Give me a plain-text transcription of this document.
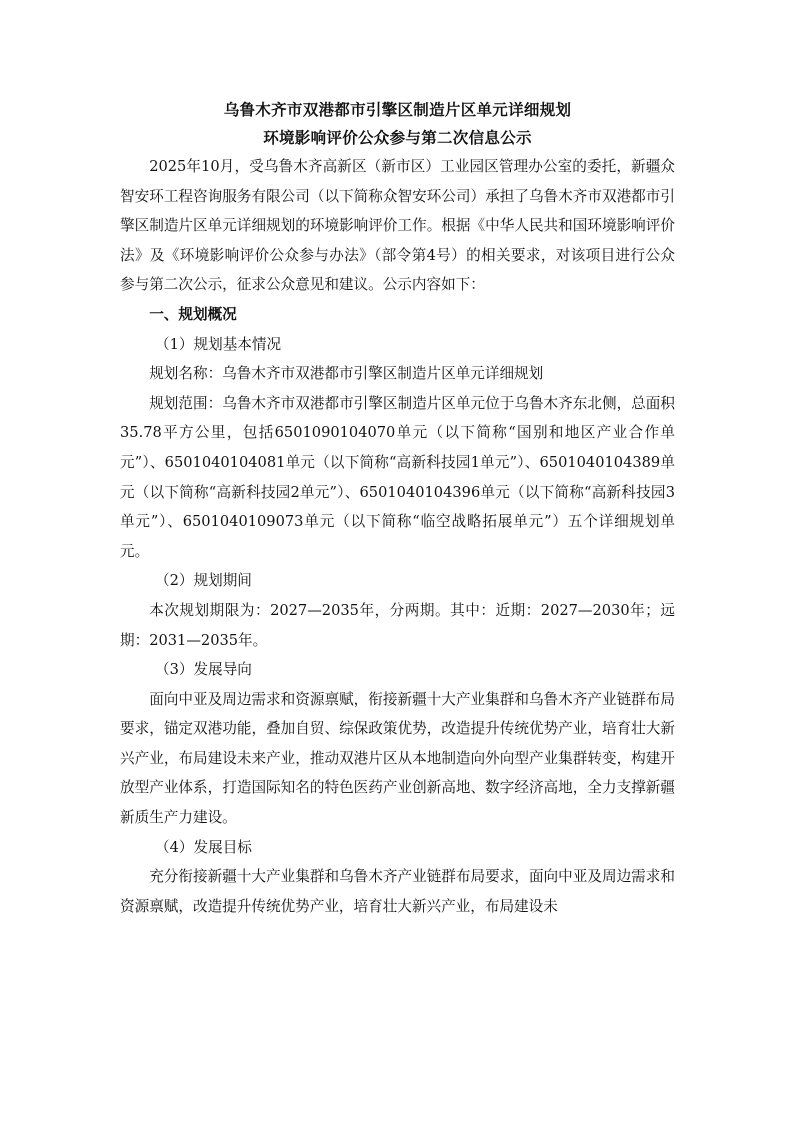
乌鲁木齐市双港都市引擎区制造片区单元详细规划

环境影响评价公众参与第二次信息公示

2025年10月，受乌鲁木齐高新区（新市区）工业园区管理办公室的委托，新疆众智安环工程咨询服务有限公司（以下简称众智安环公司）承担了乌鲁木齐市双港都市引擎区制造片区单元详细规划的环境影响评价工作。根据《中华人民共和国环境影响评价法》及《环境影响评价公众参与办法》（部令第4号）的相关要求，对该项目进行公众参与第二次公示，征求公众意见和建议。公示内容如下：

一、规划概况

（1）规划基本情况

规划名称：乌鲁木齐市双港都市引擎区制造片区单元详细规划

规划范围：乌鲁木齐市双港都市引擎区制造片区单元位于乌鲁木齐东北侧，总面积35.78平方公里，包括6501090104070单元（以下简称“国别和地区产业合作单元”）、6501040104081单元（以下简称“高新科技园1单元”）、6501040104389单元（以下简称“高新科技园2单元”）、6501040104396单元（以下简称“高新科技园3单元”）、6501040109073单元（以下简称“临空战略拓展单元”）五个详细规划单元。

（2）规划期间

本次规划期限为：2027—2035年，分两期。其中：近期：2027—2030年；远期：2031—2035年。

（3）发展导向

面向中亚及周边需求和资源禀赋，衔接新疆十大产业集群和乌鲁木齐产业链群布局要求，锚定双港功能，叠加自贸、综保政策优势，改造提升传统优势产业，培育壮大新兴产业，布局建设未来产业，推动双港片区从本地制造向外向型产业集群转变，构建开放型产业体系，打造国际知名的特色医药产业创新高地、数字经济高地，全力支撑新疆新质生产力建设。

（4）发展目标

充分衔接新疆十大产业集群和乌鲁木齐产业链群布局要求，面向中亚及周边需求和资源禀赋，改造提升传统优势产业，培育壮大新兴产业，布局建设未
